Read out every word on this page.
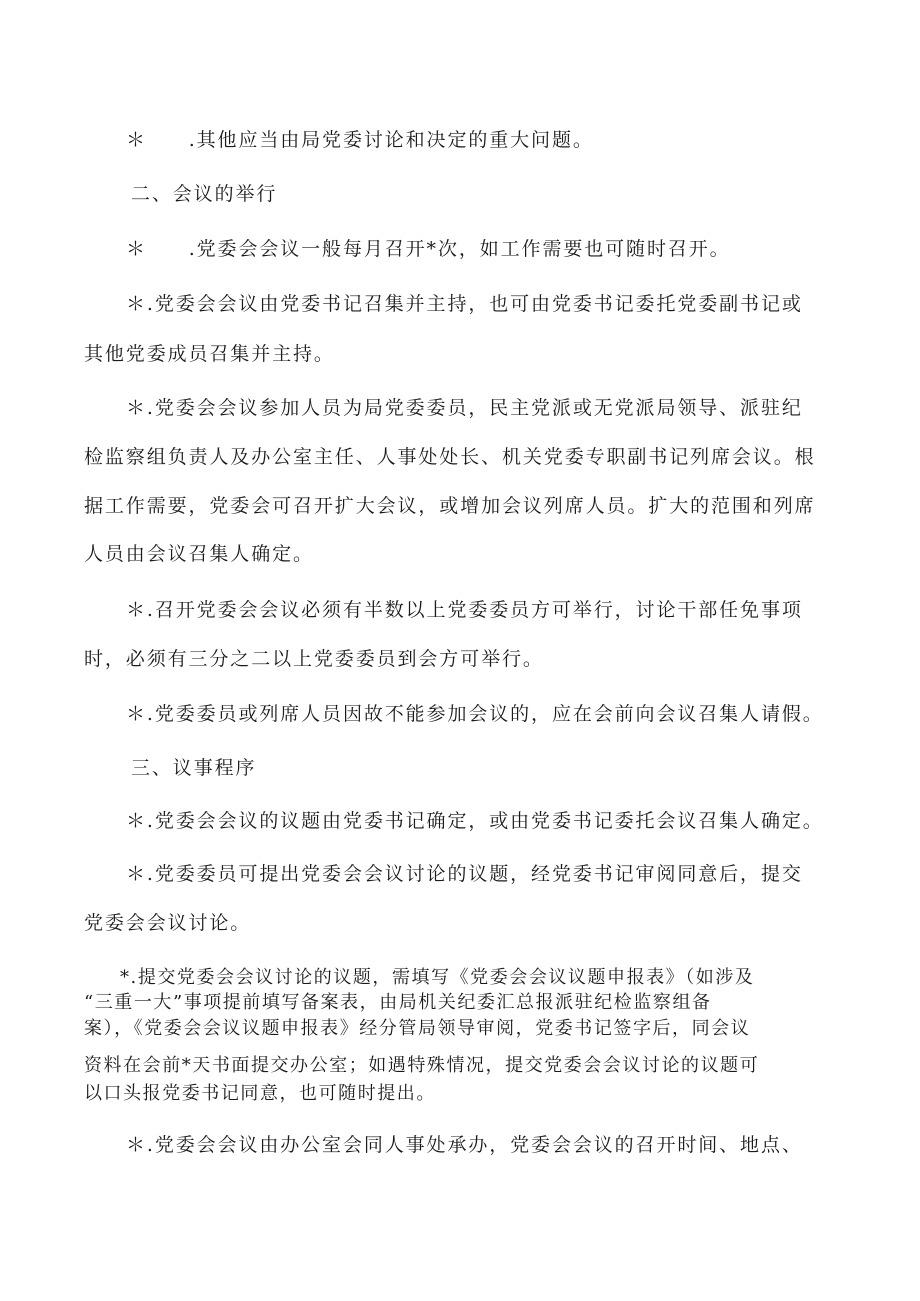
＊　　.其他应当由局党委讨论和决定的重大问题。

二、会议的举行

＊　　.党委会会议一般每月召开*次，如工作需要也可随时召开。

＊.党委会会议由党委书记召集并主持，也可由党委书记委托党委副书记或

其他党委成员召集并主持。

＊.党委会会议参加人员为局党委委员，民主党派或无党派局领导、派驻纪

检监察组负责人及办公室主任、人事处处长、机关党委专职副书记列席会议。根

据工作需要，党委会可召开扩大会议，或增加会议列席人员。扩大的范围和列席

人员由会议召集人确定。

＊.召开党委会会议必须有半数以上党委委员方可举行，讨论干部任免事项

时，必须有三分之二以上党委委员到会方可举行。

＊.党委委员或列席人员因故不能参加会议的，应在会前向会议召集人请假。

三、议事程序

＊.党委会会议的议题由党委书记确定，或由党委书记委托会议召集人确定。

＊.党委委员可提出党委会会议讨论的议题，经党委书记审阅同意后，提交

党委会会议讨论。

*.提交党委会会议讨论的议题，需填写《党委会会议议题申报表》（如涉及

“三重一大”事项提前填写备案表，由局机关纪委汇总报派驻纪检监察组备

案），《党委会会议议题申报表》经分管局领导审阅，党委书记签字后，同会议

资料在会前*天书面提交办公室；如遇特殊情况，提交党委会会议讨论的议题可

以口头报党委书记同意，也可随时提出。

＊.党委会会议由办公室会同人事处承办，党委会会议的召开时间、地点、
